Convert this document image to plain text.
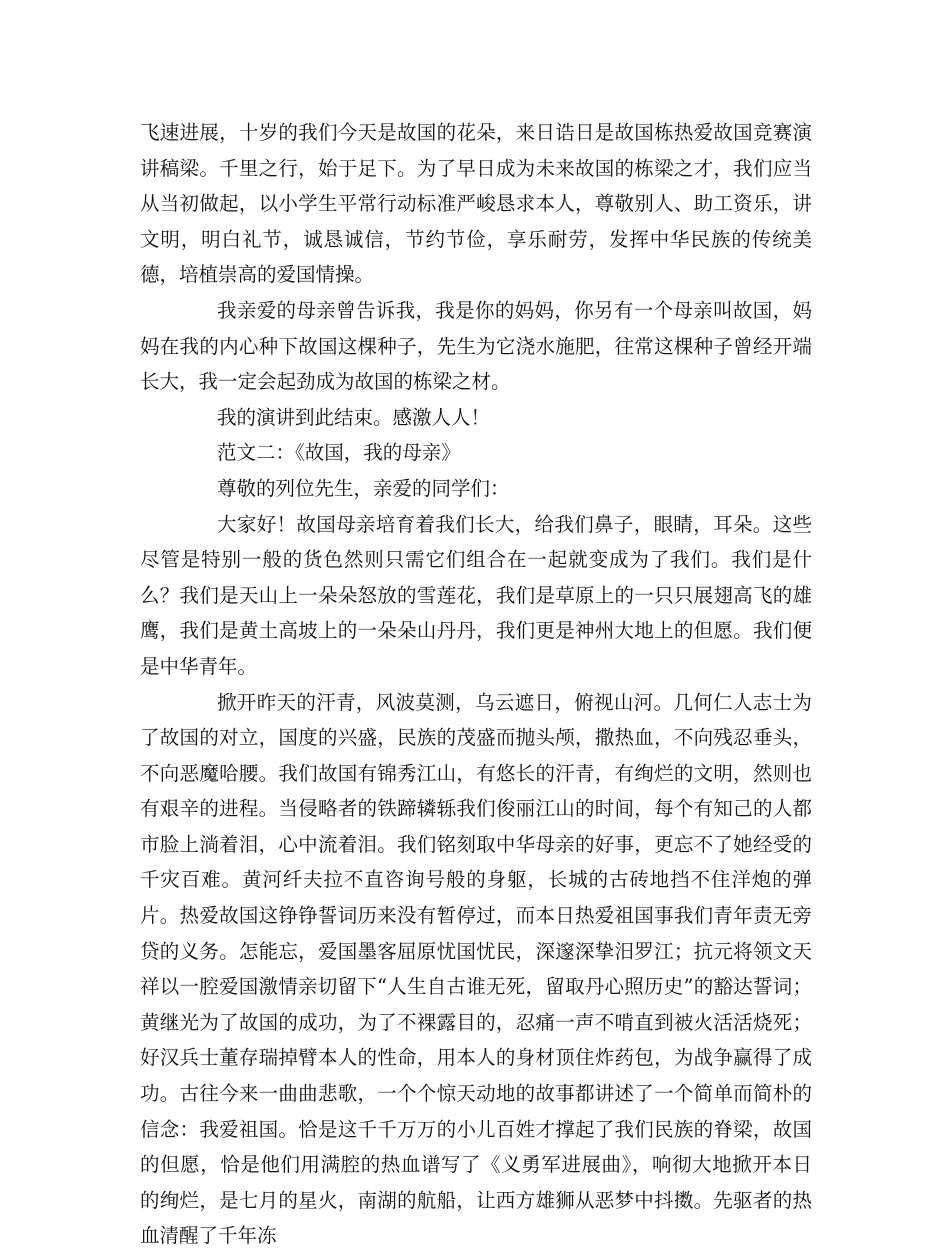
飞速进展，十岁的我们今天是故国的花朵，来日诰日是故国栋热爱故国竞赛演讲稿梁。千里之行，始于足下。为了早日成为未来故国的栋梁之才，我们应当从当初做起，以小学生平常行动标准严峻恳求本人，尊敬别人、助工资乐，讲文明，明白礼节，诚恳诚信，节约节俭，享乐耐劳，发挥中华民族的传统美德，培植崇高的爱国情操。

我亲爱的母亲曾告诉我，我是你的妈妈，你另有一个母亲叫故国，妈妈在我的内心种下故国这棵种子，先生为它浇水施肥，往常这棵种子曾经开端长大，我一定会起劲成为故国的栋梁之材。

我的演讲到此结束。感激人人！

范文二：《故国，我的母亲》

尊敬的列位先生，亲爱的同学们：

大家好！故国母亲培育着我们长大，给我们鼻子，眼睛，耳朵。这些尽管是特别一般的货色然则只需它们组合在一起就变成为了我们。我们是什么？我们是天山上一朵朵怒放的雪莲花，我们是草原上的一只只展翅高飞的雄鹰，我们是黄土高坡上的一朵朵山丹丹，我们更是神州大地上的但愿。我们便是中华青年。

掀开昨天的汗青，风波莫测，乌云遮日，俯视山河。几何仁人志士为了故国的对立，国度的兴盛，民族的茂盛而抛头颅，撒热血，不向残忍垂头，不向恶魔哈腰。我们故国有锦秀江山，有悠长的汗青，有绚烂的文明，然则也有艰辛的进程。当侵略者的铁蹄辚轹我们俊丽江山的时间，每个有知己的人都市脸上淌着泪，心中流着泪。我们铭刻取中华母亲的好事，更忘不了她经受的千灾百难。黄河纤夫拉不直咨询号般的身躯，长城的古砖地挡不住洋炮的弹片。热爱故国这铮铮誓词历来没有暂停过，而本日热爱祖国事我们青年责无旁贷的义务。怎能忘，爱国墨客屈原忧国忧民，深邃深挚汨罗江；抗元将领文天祥以一腔爱国激情亲切留下“人生自古谁无死，留取丹心照历史”的豁达誓词；黄继光为了故国的成功，为了不裸露目的，忍痛一声不啃直到被火活活烧死；好汉兵士董存瑞掉臂本人的性命，用本人的身材顶住炸药包，为战争赢得了成功。古往今来一曲曲悲歌，一个个惊天动地的故事都讲述了一个简单而简朴的信念：我爱祖国。恰是这千千万万的小儿百姓才撑起了我们民族的脊梁，故国的但愿，恰是他们用满腔的热血谱写了《义勇军进展曲》，响彻大地掀开本日的绚烂，是七月的星火，南湖的航船，让西方雄狮从恶梦中抖擞。先驱者的热血清醒了千年冻
